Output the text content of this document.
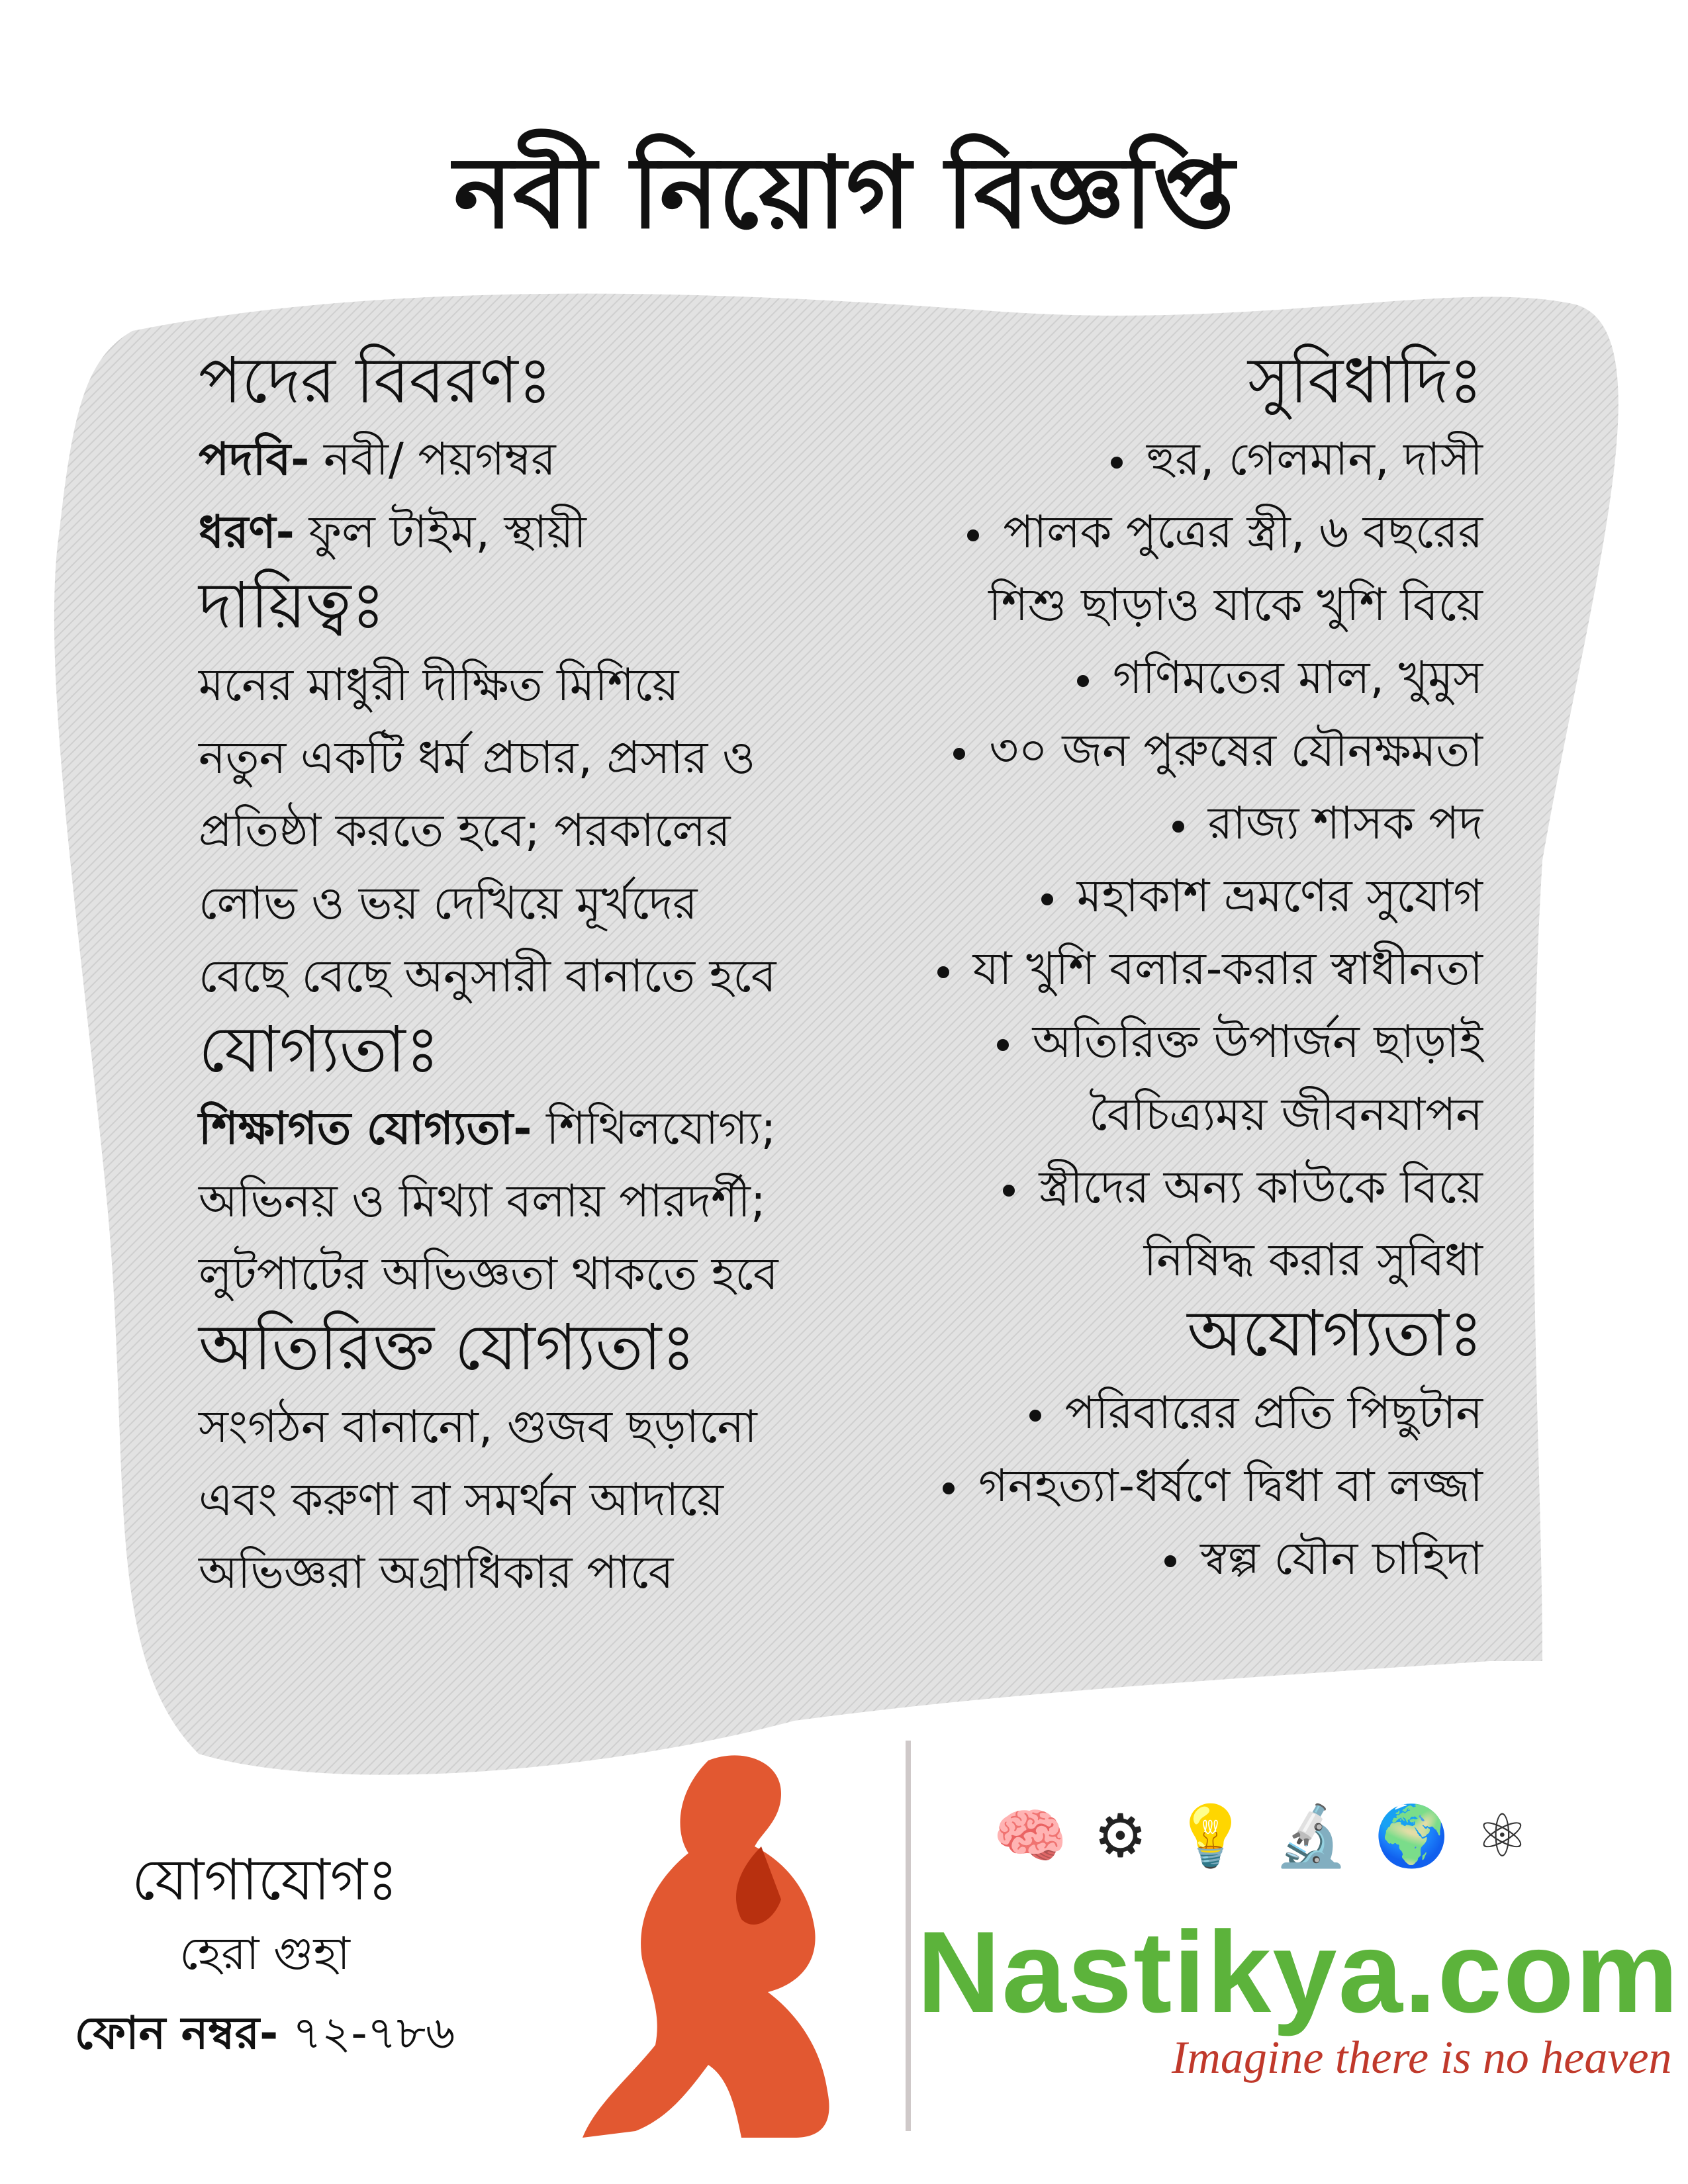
নবী নিয়োগ বিজ্ঞপ্তি
পদের বিবরণঃ
পদবি- নবী/ পয়গম্বর
ধরণ- ফুল টাইম, স্থায়ী
দায়িত্বঃ
মনের মাধুরী দীক্ষিত মিশিয়ে
নতুন একটি ধর্ম প্রচার, প্রসার ও
প্রতিষ্ঠা করতে হবে; পরকালের
লোভ ও ভয় দেখিয়ে মূর্খদের
বেছে বেছে অনুসারী বানাতে হবে
যোগ্যতাঃ
শিক্ষাগত যোগ্যতা- শিথিলযোগ্য;
অভিনয় ও মিথ্যা বলায় পারদর্শী;
লুটপাটের অভিজ্ঞতা থাকতে হবে
অতিরিক্ত যোগ্যতাঃ
সংগঠন বানানো, গুজব ছড়ানো
এবং করুণা বা সমর্থন আদায়ে
অভিজ্ঞরা অগ্রাধিকার পাবে
সুবিধাদিঃ
হুর, গেলমান, দাসী
পালক পুত্রের স্ত্রী, ৬ বছরের
শিশু ছাড়াও যাকে খুশি বিয়ে
গণিমতের মাল, খুমুস
৩০ জন পুরুষের যৌনক্ষমতা
রাজ্য শাসক পদ
মহাকাশ ভ্রমণের সুযোগ
যা খুশি বলার-করার স্বাধীনতা
অতিরিক্ত উপার্জন ছাড়াই
বৈচিত্র্যময় জীবনযাপন
স্ত্রীদের অন্য কাউকে বিয়ে
নিষিদ্ধ করার সুবিধা
অযোগ্যতাঃ
পরিবারের প্রতি পিছুটান
গনহত্যা-ধর্ষণে দ্বিধা বা লজ্জা
স্বল্প যৌন চাহিদা
যোগাযোগঃ
হেরা গুহা
ফোন নম্বর- ৭২-৭৮৬
🧠 ⚙ 💡 🔬 🌍 ⚛
Nastikya.com
Imagine there is no heaven
